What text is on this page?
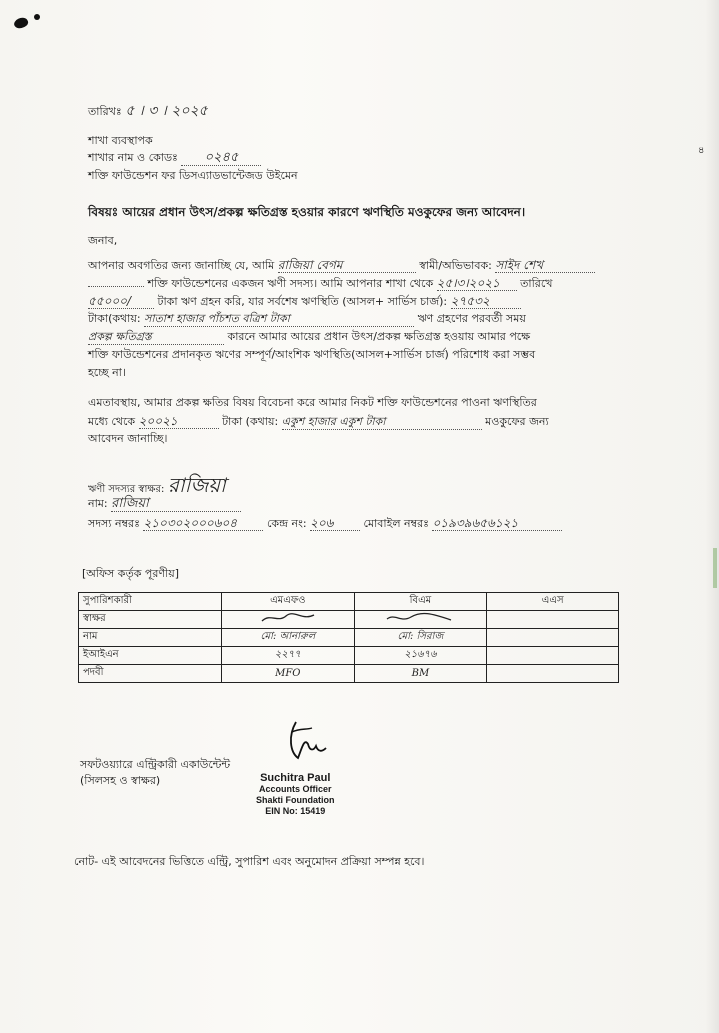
৪
তারিখঃ ৫ । ৩ । ২০২৫
শাখা ব্যবস্থাপক
শাখার নাম ও কোডঃ ০২৪৫
শক্তি ফাউন্ডেশন ফর ডিসএ্যাডভান্টেজড উইমেন
বিষয়ঃ আয়ের প্রধান উৎস/প্রকল্প ক্ষতিগ্রস্ত হওয়ার কারণে ঋণস্থিতি মওকুফের জন্য আবেদন।
জনাব,
আপনার অবগতির জন্য জানাচ্ছি যে, আমি রাজিয়া বেগম	স্বামী/অভিভাবক: সাইদ শেখ
শক্তি ফাউন্ডেশনের একজন ঋণী সদস্য। আমি আপনার শাখা থেকে ২৫।৩।২০২১ তারিখে
৫৫০০০/ টাকা ঋণ গ্রহন করি, যার সর্বশেষ ঋণস্থিতি (আসল+ সার্ভিস চার্জ): ২৭৫৩২
টাকা(কথায়: সাতাশ হাজার পাঁচশত বত্রিশ টাকা	ঋণ গ্রহণের পরবর্তী সময়
প্রকল্প ক্ষতিগ্রস্ত	কারনে আমার আয়ের প্রধান উৎস/প্রকল্প ক্ষতিগ্রস্ত হওয়ায় আমার পক্ষে
শক্তি ফাউন্ডেশনের প্রদানকৃত ঋণের সম্পূর্ণ/আংশিক ঋণস্থিতি(আসল+সার্ভিস চার্জ) পরিশোধ করা সম্ভব
হচ্ছে না।
এমতাবস্থায়, আমার প্রকল্প ক্ষতির বিষয় বিবেচনা করে আমার নিকট শক্তি ফাউন্ডেশনের পাওনা ঋণস্থিতির
মধ্যে থেকে ২০০২১	টাকা (কথায়: একুশ হাজার একুশ টাকা	মওকুফের জন্য
আবেদন জানাচ্ছি।
ঋণী সদস্যর স্বাক্ষর: রাজিয়া
নাম: রাজিয়া
সদস্য নম্বরঃ ২১০৩০২০০০৬০৪	কেন্দ্র নং: ২০৬	মোবাইল নম্বরঃ ০১৯৩৯৬৫৬১২১
[অফিস কর্তৃক পূরণীয়]
সুপারিশকারী	এমএফও	বিএম	এএস
স্বাক্ষর			
নাম	মো: আনারুল	মো: সিরাজ	
ইআইএন	২২৭৭	২১৬৭৬	
পদবী	MFO	BM	
সফটওয়্যারে এন্ট্রিকারী একাউন্টেন্ট
(সিলসহ ও স্বাক্ষর)	Suchitra Paul
Accounts Officer
Shakti Foundation
EIN No: 15419
নোট- এই আবেদনের ভিত্তিতে এন্ট্রি, সুপারিশ এবং অনুমোদন প্রক্রিয়া সম্পন্ন হবে।
